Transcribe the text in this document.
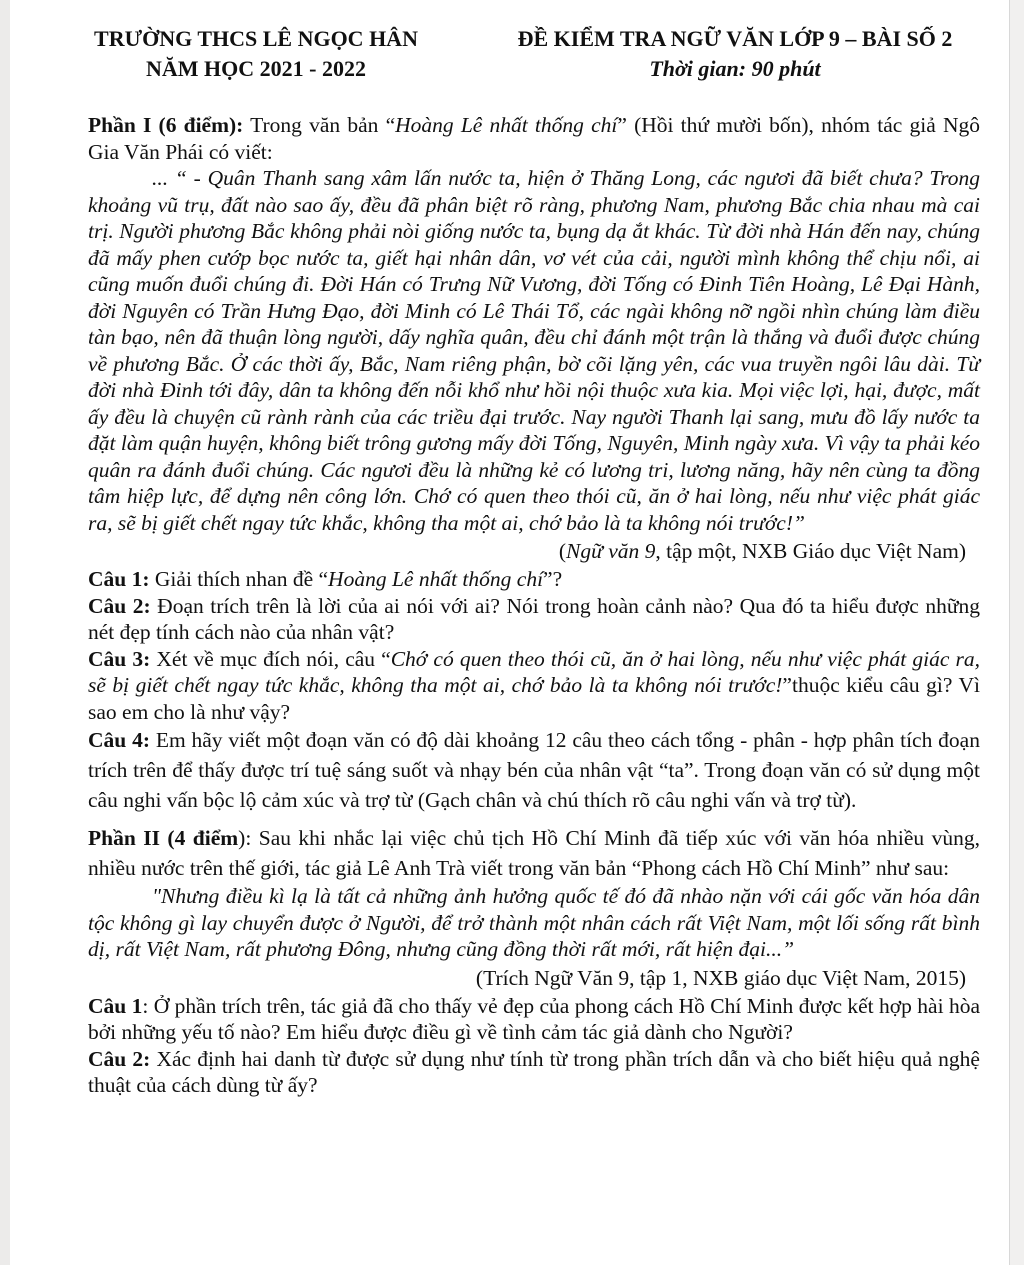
TRƯỜNG THCS LÊ NGỌC HÂN
NĂM HỌC 2021 - 2022
ĐỀ KIỂM TRA NGỮ VĂN LỚP 9 – BÀI SỐ 2
Thời gian: 90 phút

Phần I (6 điểm): Trong văn bản “Hoàng Lê nhất thống chí” (Hồi thứ mười bốn), nhóm tác giả Ngô Gia Văn Phái có viết:

... “ - Quân Thanh sang xâm lấn nước ta, hiện ở Thăng Long, các ngươi đã biết chưa? Trong khoảng vũ trụ, đất nào sao ấy, đều đã phân biệt rõ ràng, phương Nam, phương Bắc chia nhau mà cai trị. Người phương Bắc không phải nòi giống nước ta, bụng dạ ắt khác. Từ đời nhà Hán đến nay, chúng đã mấy phen cướp bọc nước ta, giết hại nhân dân, vơ vét của cải, người mình không thể chịu nổi, ai cũng muốn đuổi chúng đi. Đời Hán có Trưng Nữ Vương, đời Tống có Đinh Tiên Hoàng, Lê Đại Hành, đời Nguyên có Trần Hưng Đạo, đời Minh có Lê Thái Tổ, các ngài không nỡ ngồi nhìn chúng làm điều tàn bạo, nên đã thuận lòng người, dấy nghĩa quân, đều chỉ đánh một trận là thắng và đuổi được chúng về phương Bắc. Ở các thời ấy, Bắc, Nam riêng phận, bờ cõi lặng yên, các vua truyền ngôi lâu dài. Từ đời nhà Đinh tới đây, dân ta không đến nỗi khổ như hồi nội thuộc xưa kia. Mọi việc lợi, hại, được, mất ấy đều là chuyện cũ rành rành của các triều đại trước. Nay người Thanh lại sang, mưu đồ lấy nước ta đặt làm quận huyện, không biết trông gương mấy đời Tống, Nguyên, Minh ngày xưa. Vì vậy ta phải kéo quân ra đánh đuổi chúng. Các ngươi đều là những kẻ có lương tri, lương năng, hãy nên cùng ta đồng tâm hiệp lực, để dựng nên công lớn. Chớ có quen theo thói cũ, ăn ở hai lòng, nếu như việc phát giác ra, sẽ bị giết chết ngay tức khắc, không tha một ai, chớ bảo là ta không nói trước!”

(Ngữ văn 9, tập một, NXB Giáo dục Việt Nam)

Câu 1: Giải thích nhan đề “Hoàng Lê nhất thống chí”?

Câu 2: Đoạn trích trên là lời của ai nói với ai? Nói trong hoàn cảnh nào? Qua đó ta hiểu được những nét đẹp tính cách nào của nhân vật?

Câu 3: Xét về mục đích nói, câu “Chớ có quen theo thói cũ, ăn ở hai lòng, nếu như việc phát giác ra, sẽ bị giết chết ngay tức khắc, không tha một ai, chớ bảo là ta không nói trước!”thuộc kiểu câu gì? Vì sao em cho là như vậy?

Câu 4: Em hãy viết một đoạn văn có độ dài khoảng 12 câu theo cách tổng - phân - hợp phân tích đoạn trích trên để thấy được trí tuệ sáng suốt và nhạy bén của nhân vật “ta”. Trong đoạn văn có sử dụng một câu nghi vấn bộc lộ cảm xúc và trợ từ (Gạch chân và chú thích rõ câu nghi vấn và trợ từ).

Phần II (4 điểm): Sau khi nhắc lại việc chủ tịch Hồ Chí Minh đã tiếp xúc với văn hóa nhiều vùng, nhiều nước trên thế giới, tác giả Lê Anh Trà viết trong văn bản “Phong cách Hồ Chí Minh” như sau:

"Nhưng điều kì lạ là tất cả những ảnh hưởng quốc tế đó đã nhào nặn với cái gốc văn hóa dân tộc không gì lay chuyển được ở Người, để trở thành một nhân cách rất Việt Nam, một lối sống rất bình dị, rất Việt Nam, rất phương Đông, nhưng cũng đồng thời rất mới, rất hiện đại...”

(Trích Ngữ Văn 9, tập 1, NXB giáo dục Việt Nam, 2015)

Câu 1: Ở phần trích trên, tác giả đã cho thấy vẻ đẹp của phong cách Hồ Chí Minh được kết hợp hài hòa bởi những yếu tố nào? Em hiểu được điều gì về tình cảm tác giả dành cho Người?

Câu 2: Xác định hai danh từ được sử dụng như tính từ trong phần trích dẫn và cho biết hiệu quả nghệ thuật của cách dùng từ ấy?
